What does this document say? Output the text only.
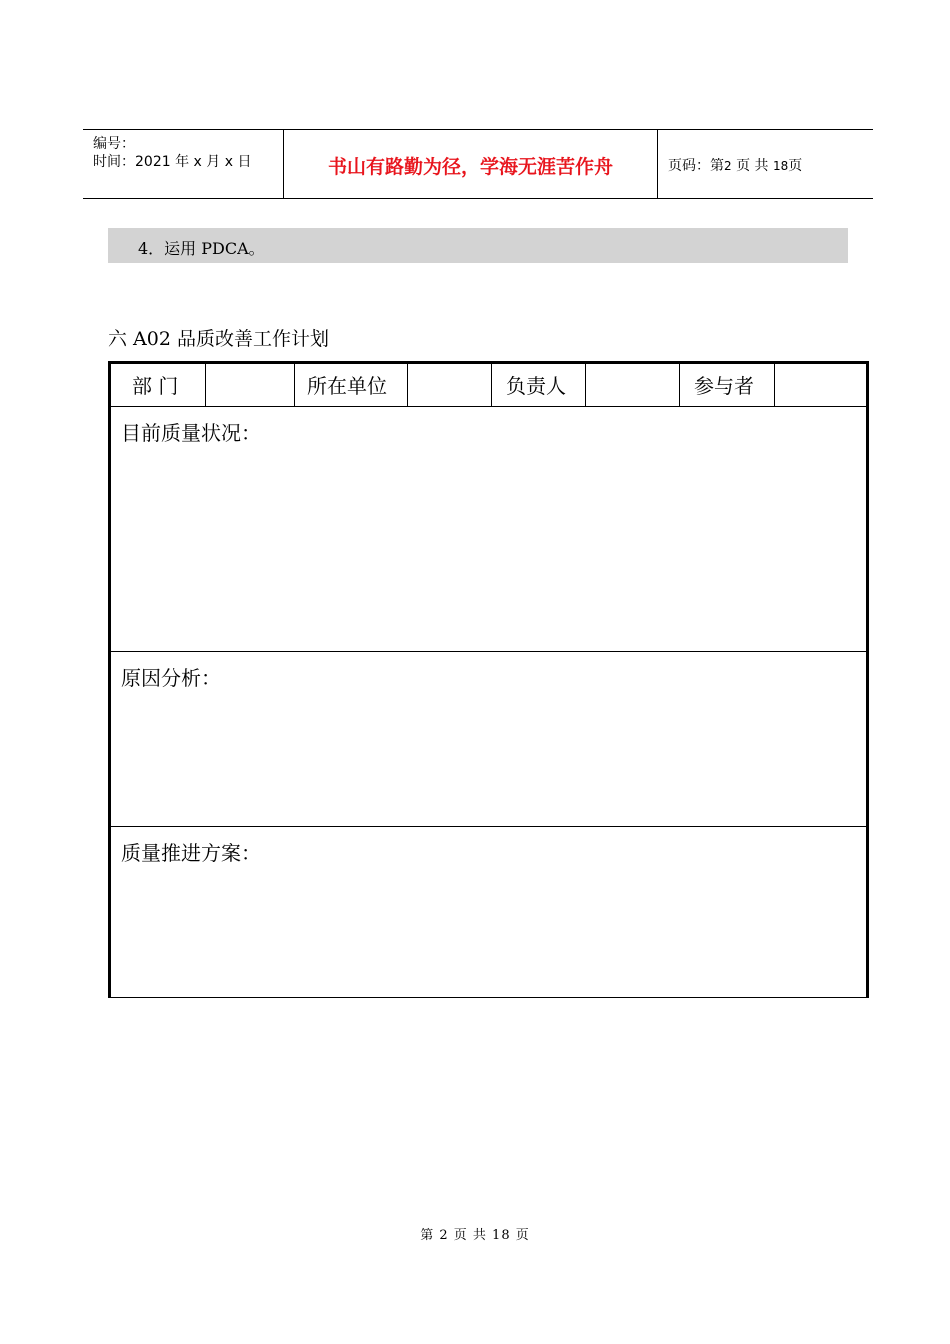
编号：
时间：2021 年 x 月 x 日	书山有路勤为径，学海无涯苦作舟	页码：第2 页 共 18页
4．运用 PDCA。
六 A02 品质改善工作计划
部 门	所在单位	负责人	参与者
目前质量状况：
原因分析：
质量推进方案：
第 2 页 共 18 页
